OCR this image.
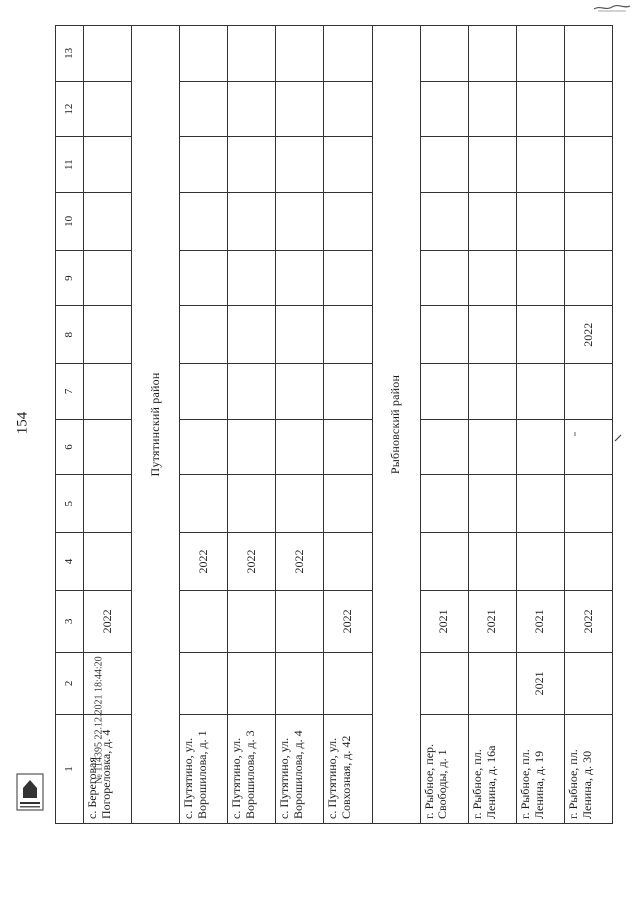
154
1	2	3	4	5	6	7	8	9	10	11	12	13
с. Береговая Погореловка, д. 4		2022										
Путятинский район												
с. Путятино, ул. Ворошилова, д. 1			2022									
с. Путятино, ул. Ворошилова, д. 3			2022									
с. Путятино, ул. Ворошилова, д. 4			2022									
с. Путятино, ул. Совхозная, д. 42		2022										
Рыбновский район												
г. Рыбное, пер. Свободы, д. 1		2021										
г. Рыбное, пл. Ленина, д. 16а		2021										
г. Рыбное, пл. Ленина, д. 19	2021	2021										
г. Рыбное, пл. Ленина, д. 30		2022					2022					
№ 114395 22.12.2021 18:44:20
